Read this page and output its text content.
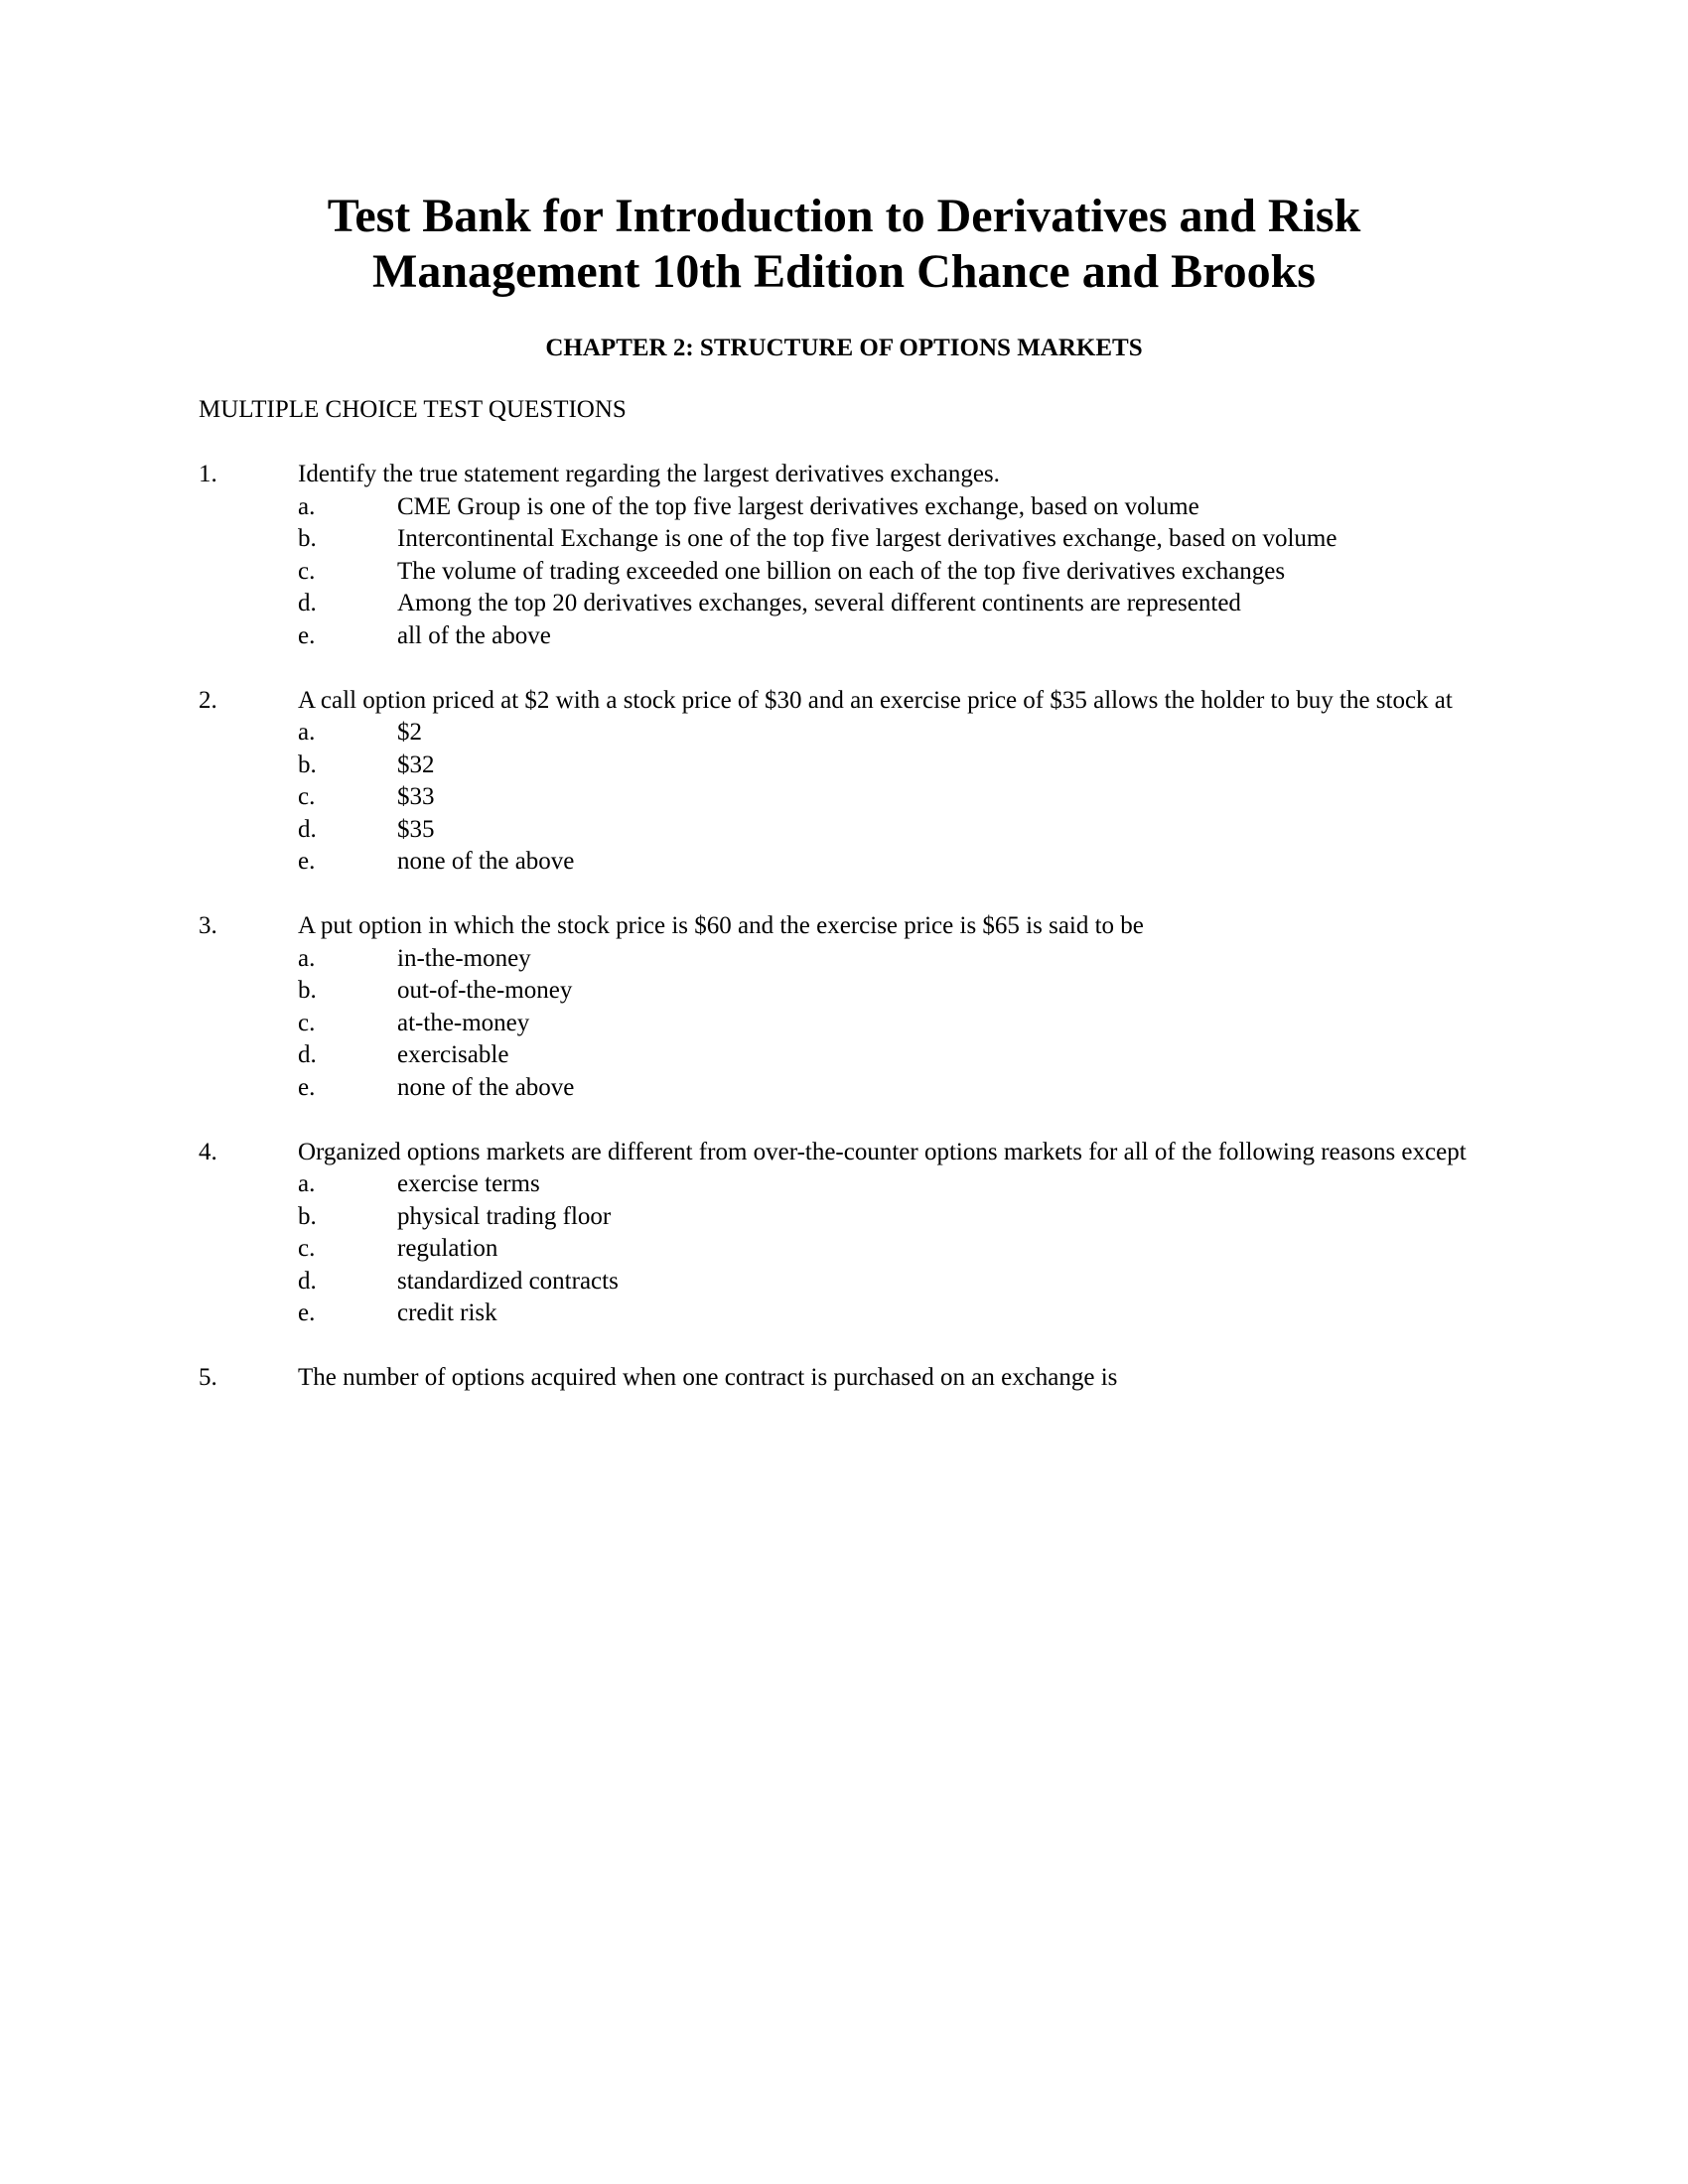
Test Bank for Introduction to Derivatives and Risk
Management 10th Edition Chance and Brooks
CHAPTER 2: STRUCTURE OF OPTIONS MARKETS
MULTIPLE CHOICE TEST QUESTIONS
1.	Identify the true statement regarding the largest derivatives exchanges.
a.	CME Group is one of the top five largest derivatives exchange, based on volume
b.	Intercontinental Exchange is one of the top five largest derivatives exchange, based on volume
c.	The volume of trading exceeded one billion on each of the top five derivatives exchanges
d.	Among the top 20 derivatives exchanges, several different continents are represented
e.	all of the above
2.	A call option priced at $2 with a stock price of $30 and an exercise price of $35 allows the holder to buy the stock at
a.	$2
b.	$32
c.	$33
d.	$35
e.	none of the above
3.	A put option in which the stock price is $60 and the exercise price is $65 is said to be
a.	in-the-money
b.	out-of-the-money
c.	at-the-money
d.	exercisable
e.	none of the above
4.	Organized options markets are different from over-the-counter options markets for all of the following reasons except
a.	exercise terms
b.	physical trading floor
c.	regulation
d.	standardized contracts
e.	credit risk
5.	The number of options acquired when one contract is purchased on an exchange is
